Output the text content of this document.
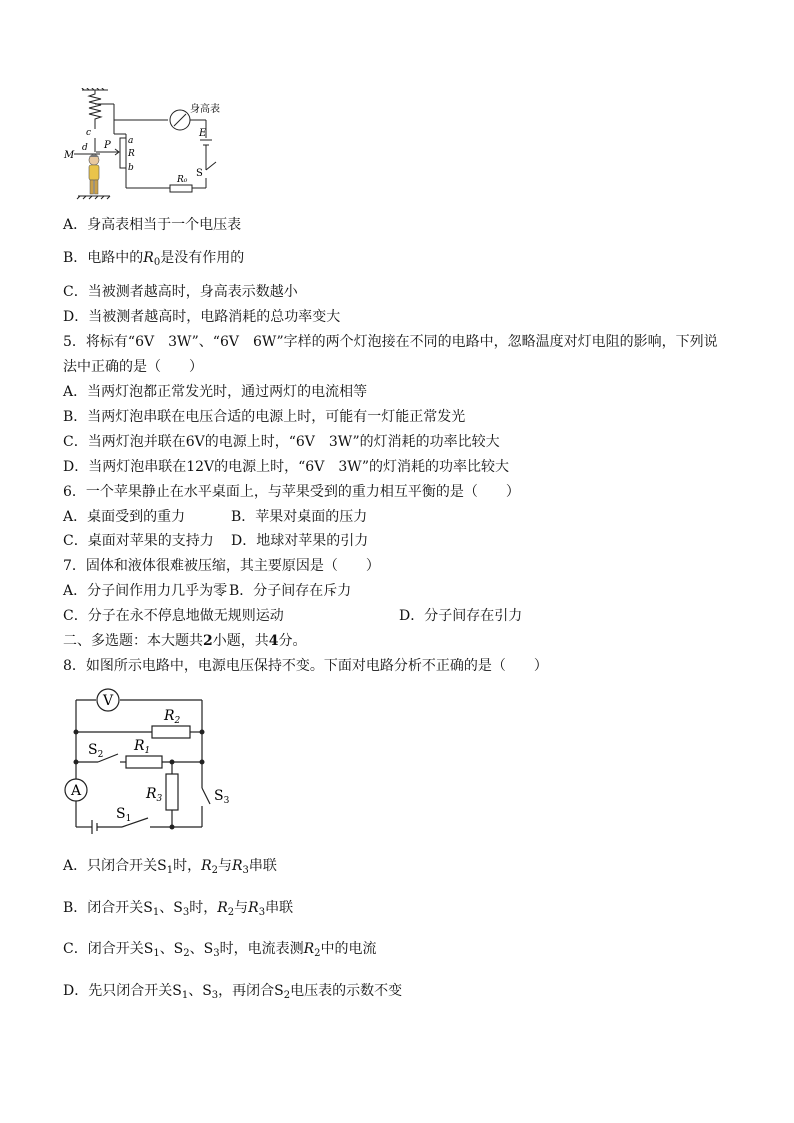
身高表
E
S
R₀
c
a
R
b
M
d P
A．身高表相当于一个电压表
B．电路中的$R_0$是没有作用的
C．当被测者越高时，身高表示数越小
D．当被测者越高时，电路消耗的总功率变大
5．将标有“6V　3W”、“6V　6W”字样的两个灯泡接在不同的电路中，忽略温度对灯电阻的影响，下列说
法中正确的是（　　）
A．当两灯泡都正常发光时，通过两灯的电流相等
B．当两灯泡串联在电压合适的电源上时，可能有一灯能正常发光
C．当两灯泡并联在6V的电源上时，“6V　3W”的灯消耗的功率比较大
D．当两灯泡串联在12V的电源上时，“6V　3W”的灯消耗的功率比较大
6．一个苹果静止在水平桌面上，与苹果受到的重力相互平衡的是（　　）
A．桌面受到的重力	B．苹果对桌面的压力
C．桌面对苹果的支持力 D．地球对苹果的引力
7．固体和液体很难被压缩，其主要原因是（　　）
A．分子间作用力几乎为零 B．分子间存在斥力
C．分子在永不停息地做无规则运动	D．分子间存在引力
二、多选题：本大题共2小题，共4分。
8．如图所示电路中，电源电压保持不变。下面对电路分析不正确的是（　　）
V
A
$R_2$
$R_1$
$R_3$
$S_2$
$S_1$
$S_3$
A．只闭合开关$S_1$时，$R_2$与$R_3$串联
B．闭合开关$S_1$、$S_3$时，$R_2$与$R_3$串联
C．闭合开关$S_1$、$S_2$、$S_3$时，电流表测$R_2$中的电流
D．先只闭合开关$S_1$、$S_3$，再闭合$S_2$电压表的示数不变
